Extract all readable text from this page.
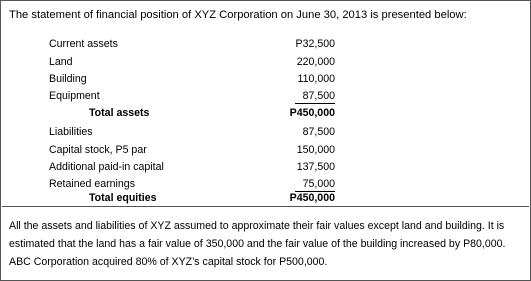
The statement of financial position of XYZ Corporation on June 30, 2013 is presented below:
Current assets	P32,500
Land	220,000
Building	110,000
Equipment	87,500
Total assets	P450,000
Liabilities	87,500
Capital stock, P5 par	150,000
Additional paid-in capital	137,500
Retained earnings	75,000
Total equities	P450,000
All the assets and liabilities of XYZ assumed to approximate their fair values except land and building. It is
estimated that the land has a fair value of 350,000 and the fair value of the building increased by P80,000.
ABC Corporation acquired 80% of XYZ’s capital stock for P500,000.
